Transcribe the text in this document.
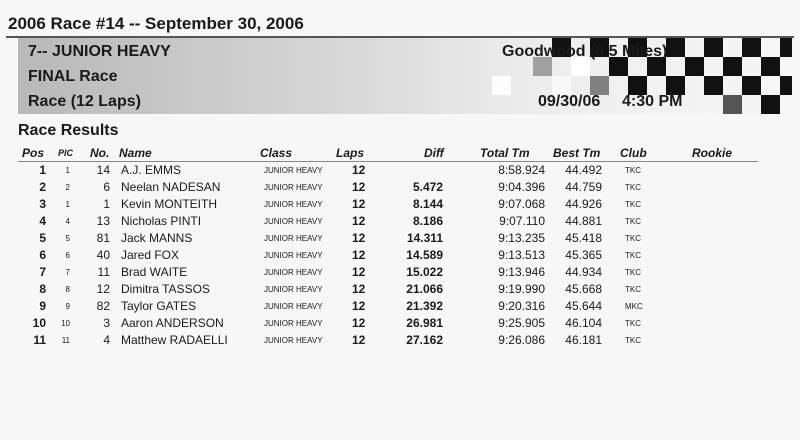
2006 Race #14 -- September 30, 2006
7-- JUNIOR HEAVY
FINAL Race
Race (12 Laps)
Goodwood (0.5 Miles)
09/30/06 4:30 PM
Race Results
Pos PIC No. Name	Class	Laps	Diff	Total Tm Best Tm Club	Rookie
1 1 14 A.J. EMMS	JUNIOR HEAVY 12	8:58.924 44.492	TKC
2 2	6 Neelan NADESAN	JUNIOR HEAVY 12	5.472	9:04.396 44.759	TKC
3 1	1 Kevin MONTEITH	JUNIOR HEAVY 12	8.144	9:07.068 44.926	TKC
4 4 13 Nicholas PINTI	JUNIOR HEAVY 12	8.186	9:07.110 44.881	TKC
5 5 81 Jack MANNS	JUNIOR HEAVY 12	14.311	9:13.235 45.418	TKC
6 6 40 Jared FOX	JUNIOR HEAVY 12	14.589	9:13.513 45.365	TKC
7 7 11 Brad WAITE	JUNIOR HEAVY 12	15.022	9:13.946 44.934	TKC
8 8 12 Dimitra TASSOS	JUNIOR HEAVY 12	21.066	9:19.990 45.668	TKC
9 9 82 Taylor GATES	JUNIOR HEAVY 12	21.392	9:20.316 45.644	MKC
10 10	3 Aaron ANDERSON	JUNIOR HEAVY 12	26.981	9:25.905 46.104	TKC
11 11	4 Matthew RADAELLI	JUNIOR HEAVY 12	27.162	9:26.086 46.181	TKC
